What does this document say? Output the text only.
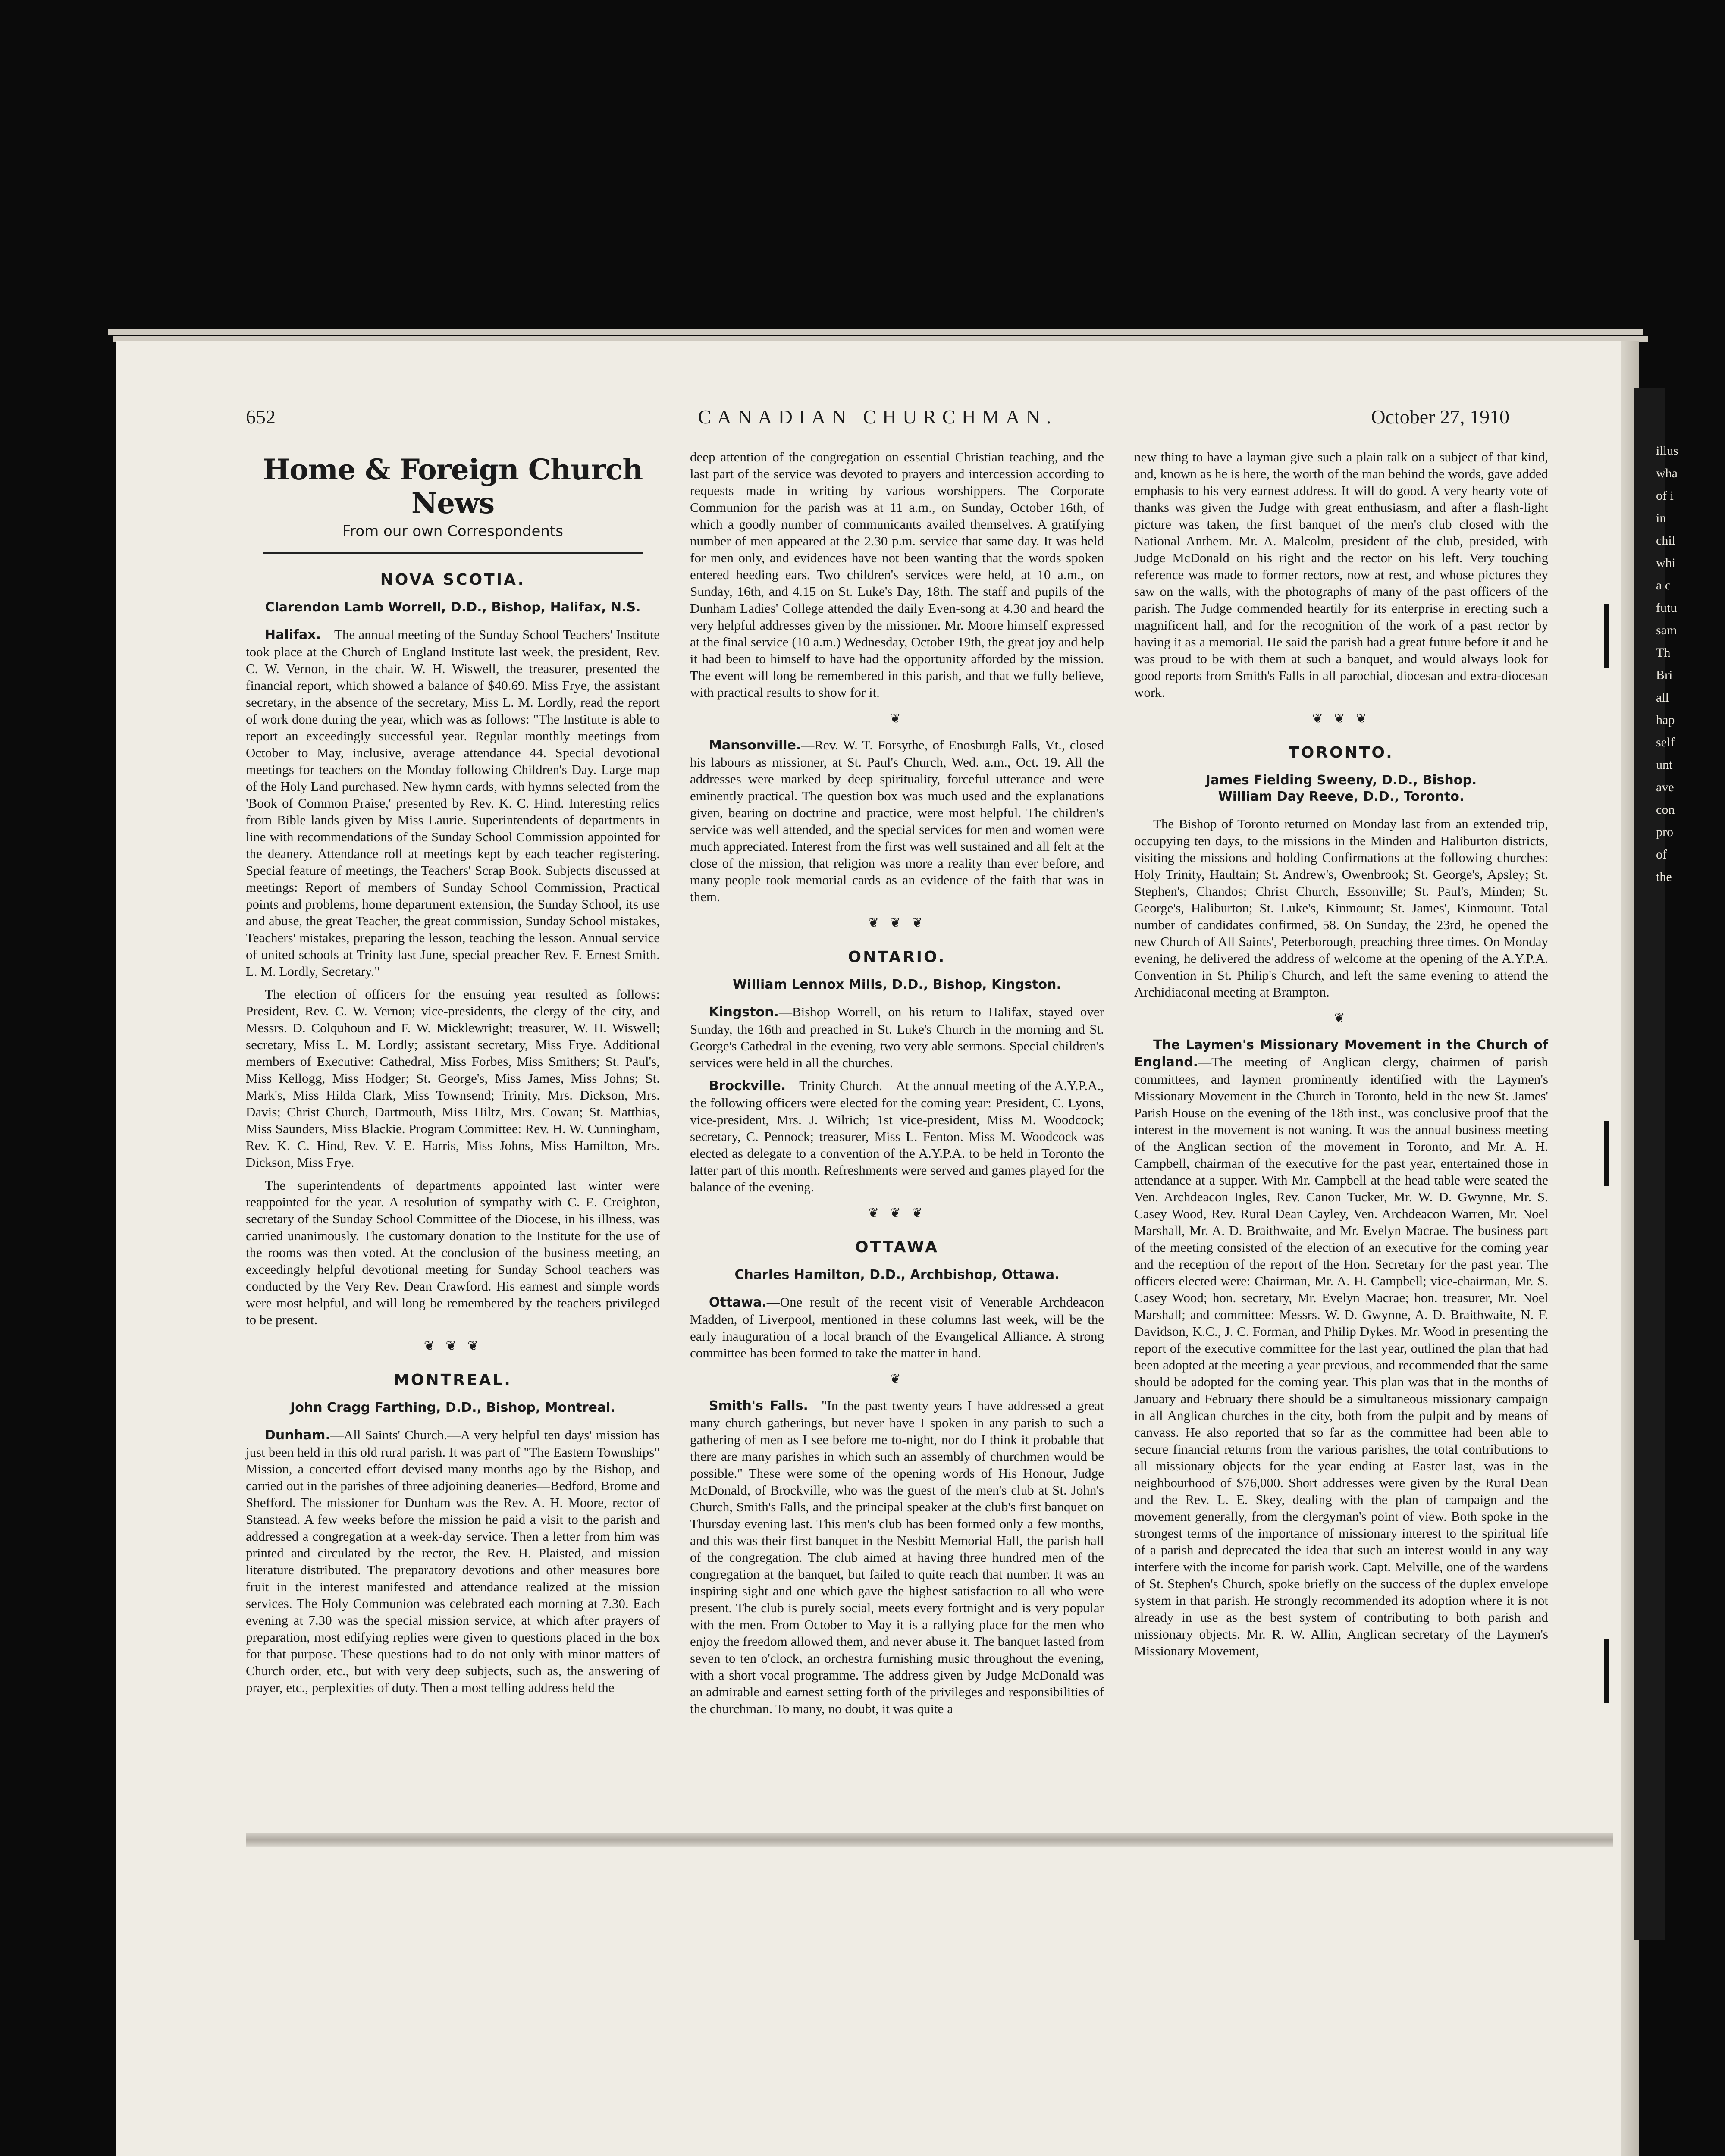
652	CANADIAN CHURCHMAN.	October 27, 1910
Home & Foreign Church News
From our own Correspondents
NOVA SCOTIA.
Clarendon Lamb Worrell, D.D., Bishop, Halifax, N.S.

Halifax.—The annual meeting of the Sunday School Teachers' Institute took place at the Church of England Institute last week, the president, Rev. C. W. Vernon, in the chair. W. H. Wiswell, the treasurer, presented the financial report, which showed a balance of $40.69. Miss Frye, the assistant secretary, in the absence of the secretary, Miss L. M. Lordly, read the report of work done during the year, which was as follows: "The Institute is able to report an exceedingly successful year. Regular monthly meetings from October to May, inclusive, average attendance 44. Special devotional meetings for teachers on the Monday following Children's Day. Large map of the Holy Land purchased. New hymn cards, with hymns selected from the 'Book of Common Praise,' presented by Rev. K. C. Hind. Interesting relics from Bible lands given by Miss Laurie. Superintendents of departments in line with recommendations of the Sunday School Commission appointed for the deanery. Attendance roll at meetings kept by each teacher registering. Special feature of meetings, the Teachers' Scrap Book. Subjects discussed at meetings: Report of members of Sunday School Commission, Practical points and problems, home department extension, the Sunday School, its use and abuse, the great Teacher, the great commission, Sunday School mistakes, Teachers' mistakes, preparing the lesson, teaching the lesson. Annual service of united schools at Trinity last June, special preacher Rev. F. Ernest Smith. L. M. Lordly, Secretary."

The election of officers for the ensuing year resulted as follows: President, Rev. C. W. Vernon; vice-presidents, the clergy of the city, and Messrs. D. Colquhoun and F. W. Micklewright; treasurer, W. H. Wiswell; secretary, Miss L. M. Lordly; assistant secretary, Miss Frye. Additional members of Executive: Cathedral, Miss Forbes, Miss Smithers; St. Paul's, Miss Kellogg, Miss Hodger; St. George's, Miss James, Miss Johns; St. Mark's, Miss Hilda Clark, Miss Townsend; Trinity, Mrs. Dickson, Mrs. Davis; Christ Church, Dartmouth, Miss Hiltz, Mrs. Cowan; St. Matthias, Miss Saunders, Miss Blackie. Program Committee: Rev. H. W. Cunningham, Rev. K. C. Hind, Rev. V. E. Harris, Miss Johns, Miss Hamilton, Mrs. Dickson, Miss Frye.

The superintendents of departments appointed last winter were reappointed for the year. A resolution of sympathy with C. E. Creighton, secretary of the Sunday School Committee of the Diocese, in his illness, was carried unanimously. The customary donation to the Institute for the use of the rooms was then voted. At the conclusion of the business meeting, an exceedingly helpful devotional meeting for Sunday School teachers was conducted by the Very Rev. Dean Crawford. His earnest and simple words were most helpful, and will long be remembered by the teachers privileged to be present.

❦ ❦ ❦
MONTREAL.
John Cragg Farthing, D.D., Bishop, Montreal.

Dunham.—All Saints' Church.—A very helpful ten days' mission has just been held in this old rural parish. It was part of "The Eastern Townships" Mission, a concerted effort devised many months ago by the Bishop, and carried out in the parishes of three adjoining deaneries—Bedford, Brome and Shefford. The missioner for Dunham was the Rev. A. H. Moore, rector of Stanstead. A few weeks before the mission he paid a visit to the parish and addressed a congregation at a week-day service. Then a letter from him was printed and circulated by the rector, the Rev. H. Plaisted, and mission literature distributed. The preparatory devotions and other measures bore fruit in the interest manifested and attendance realized at the mission services. The Holy Communion was celebrated each morning at 7.30. Each evening at 7.30 was the special mission service, at which after prayers of preparation, most edifying replies were given to questions placed in the box for that purpose. These questions had to do not only with minor matters of Church order, etc., but with very deep subjects, such as, the answering of prayer, etc., perplexities of duty. Then a most telling address held the

deep attention of the congregation on essential Christian teaching, and the last part of the service was devoted to prayers and intercession according to requests made in writing by various worshippers. The Corporate Communion for the parish was at 11 a.m., on Sunday, October 16th, of which a goodly number of communicants availed themselves. A gratifying number of men appeared at the 2.30 p.m. service that same day. It was held for men only, and evidences have not been wanting that the words spoken entered heeding ears. Two children's services were held, at 10 a.m., on Sunday, 16th, and 4.15 on St. Luke's Day, 18th. The staff and pupils of the Dunham Ladies' College attended the daily Even-song at 4.30 and heard the very helpful addresses given by the missioner. Mr. Moore himself expressed at the final service (10 a.m.) Wednesday, October 19th, the great joy and help it had been to himself to have had the opportunity afforded by the mission. The event will long be remembered in this parish, and that we fully believe, with practical results to show for it.

❦

Mansonville.—Rev. W. T. Forsythe, of Enosburgh Falls, Vt., closed his labours as missioner, at St. Paul's Church, Wed. a.m., Oct. 19. All the addresses were marked by deep spirituality, forceful utterance and were eminently practical. The question box was much used and the explanations given, bearing on doctrine and practice, were most helpful. The children's service was well attended, and the special services for men and women were much appreciated. Interest from the first was well sustained and all felt at the close of the mission, that religion was more a reality than ever before, and many people took memorial cards as an evidence of the faith that was in them.

❦ ❦ ❦
ONTARIO.
William Lennox Mills, D.D., Bishop, Kingston.

Kingston.—Bishop Worrell, on his return to Halifax, stayed over Sunday, the 16th and preached in St. Luke's Church in the morning and St. George's Cathedral in the evening, two very able sermons. Special children's services were held in all the churches.

Brockville.—Trinity Church.—At the annual meeting of the A.Y.P.A., the following officers were elected for the coming year: President, C. Lyons, vice-president, Mrs. J. Wilrich; 1st vice-president, Miss M. Woodcock; secretary, C. Pennock; treasurer, Miss L. Fenton. Miss M. Woodcock was elected as delegate to a convention of the A.Y.P.A. to be held in Toronto the latter part of this month. Refreshments were served and games played for the balance of the evening.

❦ ❦ ❦
OTTAWA
Charles Hamilton, D.D., Archbishop, Ottawa.

Ottawa.—One result of the recent visit of Venerable Archdeacon Madden, of Liverpool, mentioned in these columns last week, will be the early inauguration of a local branch of the Evangelical Alliance. A strong committee has been formed to take the matter in hand.

❦

Smith's Falls.—"In the past twenty years I have addressed a great many church gatherings, but never have I spoken in any parish to such a gathering of men as I see before me to-night, nor do I think it probable that there are many parishes in which such an assembly of churchmen would be possible." These were some of the opening words of His Honour, Judge McDonald, of Brockville, who was the guest of the men's club at St. John's Church, Smith's Falls, and the principal speaker at the club's first banquet on Thursday evening last. This men's club has been formed only a few months, and this was their first banquet in the Nesbitt Memorial Hall, the parish hall of the congregation. The club aimed at having three hundred men of the congregation at the banquet, but failed to quite reach that number. It was an inspiring sight and one which gave the highest satisfaction to all who were present. The club is purely social, meets every fortnight and is very popular with the men. From October to May it is a rallying place for the men who enjoy the freedom allowed them, and never abuse it. The banquet lasted from seven to ten o'clock, an orchestra furnishing music throughout the evening, with a short vocal programme. The address given by Judge McDonald was an admirable and earnest setting forth of the privileges and responsibilities of the churchman. To many, no doubt, it was quite a

new thing to have a layman give such a plain talk on a subject of that kind, and, known as he is here, the worth of the man behind the words, gave added emphasis to his very earnest address. It will do good. A very hearty vote of thanks was given the Judge with great enthusiasm, and after a flash-light picture was taken, the first banquet of the men's club closed with the National Anthem. Mr. A. Malcolm, president of the club, presided, with Judge McDonald on his right and the rector on his left. Very touching reference was made to former rectors, now at rest, and whose pictures they saw on the walls, with the photographs of many of the past officers of the parish. The Judge commended heartily for its enterprise in erecting such a magnificent hall, and for the recognition of the work of a past rector by having it as a memorial. He said the parish had a great future before it and he was proud to be with them at such a banquet, and would always look for good reports from Smith's Falls in all parochial, diocesan and extra-diocesan work.

❦ ❦ ❦
TORONTO.
James Fielding Sweeny, D.D., Bishop.
William Day Reeve, D.D., Toronto.

The Bishop of Toronto returned on Monday last from an extended trip, occupying ten days, to the missions in the Minden and Haliburton districts, visiting the missions and holding Confirmations at the following churches: Holy Trinity, Haultain; St. Andrew's, Owenbrook; St. George's, Apsley; St. Stephen's, Chandos; Christ Church, Essonville; St. Paul's, Minden; St. George's, Haliburton; St. Luke's, Kinmount; St. James', Kinmount. Total number of candidates confirmed, 58. On Sunday, the 23rd, he opened the new Church of All Saints', Peterborough, preaching three times. On Monday evening, he delivered the address of welcome at the opening of the A.Y.P.A. Convention in St. Philip's Church, and left the same evening to attend the Archidiaconal meeting at Brampton.

❦

The Laymen's Missionary Movement in the Church of England.—The meeting of Anglican clergy, chairmen of parish committees, and laymen prominently identified with the Laymen's Missionary Movement in the Church in Toronto, held in the new St. James' Parish House on the evening of the 18th inst., was conclusive proof that the interest in the movement is not waning. It was the annual business meeting of the Anglican section of the movement in Toronto, and Mr. A. H. Campbell, chairman of the executive for the past year, entertained those in attendance at a supper. With Mr. Campbell at the head table were seated the Ven. Archdeacon Ingles, Rev. Canon Tucker, Mr. W. D. Gwynne, Mr. S. Casey Wood, Rev. Rural Dean Cayley, Ven. Archdeacon Warren, Mr. Noel Marshall, Mr. A. D. Braithwaite, and Mr. Evelyn Macrae. The business part of the meeting consisted of the election of an executive for the coming year and the reception of the report of the Hon. Secretary for the past year. The officers elected were: Chairman, Mr. A. H. Campbell; vice-chairman, Mr. S. Casey Wood; hon. secretary, Mr. Evelyn Macrae; hon. treasurer, Mr. Noel Marshall; and committee: Messrs. W. D. Gwynne, A. D. Braithwaite, N. F. Davidson, K.C., J. C. Forman, and Philip Dykes. Mr. Wood in presenting the report of the executive committee for the last year, outlined the plan that had been adopted at the meeting a year previous, and recommended that the same should be adopted for the coming year. This plan was that in the months of January and February there should be a simultaneous missionary campaign in all Anglican churches in the city, both from the pulpit and by means of canvass. He also reported that so far as the committee had been able to secure financial returns from the various parishes, the total contributions to all missionary objects for the year ending at Easter last, was in the neighbourhood of $76,000. Short addresses were given by the Rural Dean and the Rev. L. E. Skey, dealing with the plan of campaign and the movement generally, from the clergyman's point of view. Both spoke in the strongest terms of the importance of missionary interest to the spiritual life of a parish and deprecated the idea that such an interest would in any way interfere with the income for parish work. Capt. Melville, one of the wardens of St. Stephen's Church, spoke briefly on the success of the duplex envelope system in that parish. He strongly recommended its adoption where it is not already in use as the best system of contributing to both parish and missionary objects. Mr. R. W. Allin, Anglican secretary of the Laymen's Missionary Movement,

illus
wha
of i
in
chil
whi
a c
futu
sam
Th
Bri
all
hap
self
unt
ave
con
pro
of
the
